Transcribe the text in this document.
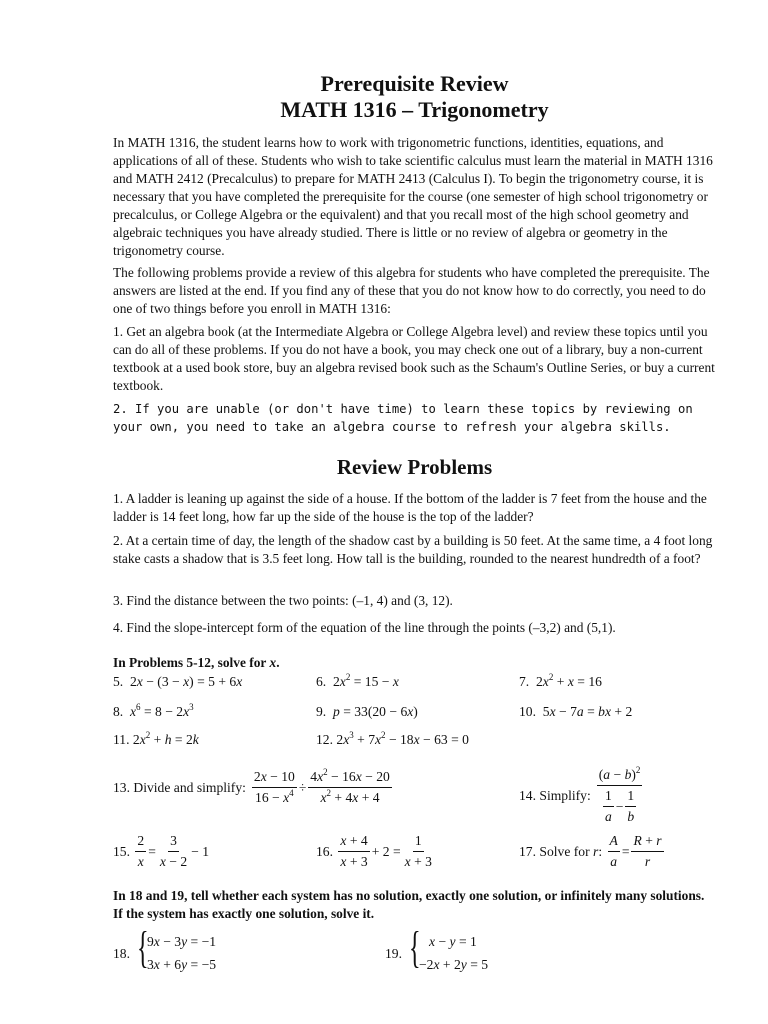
Prerequisite Review

MATH 1316 – Trigonometry

In MATH 1316, the student learns how to work with trigonometric functions, identities, equations, and applications of all of these. Students who wish to take scientific calculus must learn the material in MATH 1316 and MATH 2412 (Precalculus) to prepare for MATH 2413 (Calculus I). To begin the trigonometry course, it is necessary that you have completed the prerequisite for the course (one semester of high school trigonometry or precalculus, or College Algebra or the equivalent) and that you recall most of the high school geometry and algebraic techniques you have already studied. There is little or no review of algebra or geometry in the trigonometry course.

The following problems provide a review of this algebra for students who have completed the prerequisite. The answers are listed at the end. If you find any of these that you do not know how to do correctly, you need to do one of two things before you enroll in MATH 1316:

1. Get an algebra book (at the Intermediate Algebra or College Algebra level) and review these topics until you can do all of these problems. If you do not have a book, you may check one out of a library, buy a non-current textbook at a used book store, buy an algebra revised book such as the Schaum's Outline Series, or buy a current textbook.

2. If you are unable (or don't have time) to learn these topics by reviewing on your own, you need to take an algebra course to refresh your algebra skills.

Review Problems

1. A ladder is leaning up against the side of a house. If the bottom of the ladder is 7 feet from the house and the ladder is 14 feet long, how far up the side of the house is the top of the ladder?

2. At a certain time of day, the length of the shadow cast by a building is 50 feet. At the same time, a 4 foot long stake casts a shadow that is 3.5 feet long. How tall is the building, rounded to the nearest hundredth of a foot?

3. Find the distance between the two points: (–1, 4) and (3, 12).

4. Find the slope-intercept form of the equation of the line through the points (–3,2) and (5,1).

In Problems 5-12, solve for x.

5.  2x − (3 − x) = 5 + 6x	6.  $2x^2 = 15 - x$	7.  $2x^2 + x = 16$
8.  $x^6 = 8 - 2x^3$	9.  p = 33(20 − 6x)	10.  5x − 7a = bx + 2
11. $2x^2 + h = 2k$	12. $2x^3 + 7x^2 - 18x - 63 = 0$
13. Divide and simplify: $\frac{2x - 10}{16 - x^4} \div \frac{4x^2 - 16x - 20}{x^2 + 4x + 4}$	14. Simplify: $\frac{(a - b)^2}{\frac{1}{a} - \frac{1}{b}}$
15. $\frac{2}{x} = \frac{3}{x - 2} - 1$	16. $\frac{x + 4}{x + 3} + 2 = \frac{1}{x + 3}$	17. Solve for r: $\frac{A}{a} = \frac{R + r}{r}$

In 18 and 19, tell whether each system has no solution, exactly one solution, or infinitely many solutions. If the system has exactly one solution, solve it.

18. {
9x − 3y = −1
3x + 6y = −5
19. { x − y = 1
−2x + 2y = 5
